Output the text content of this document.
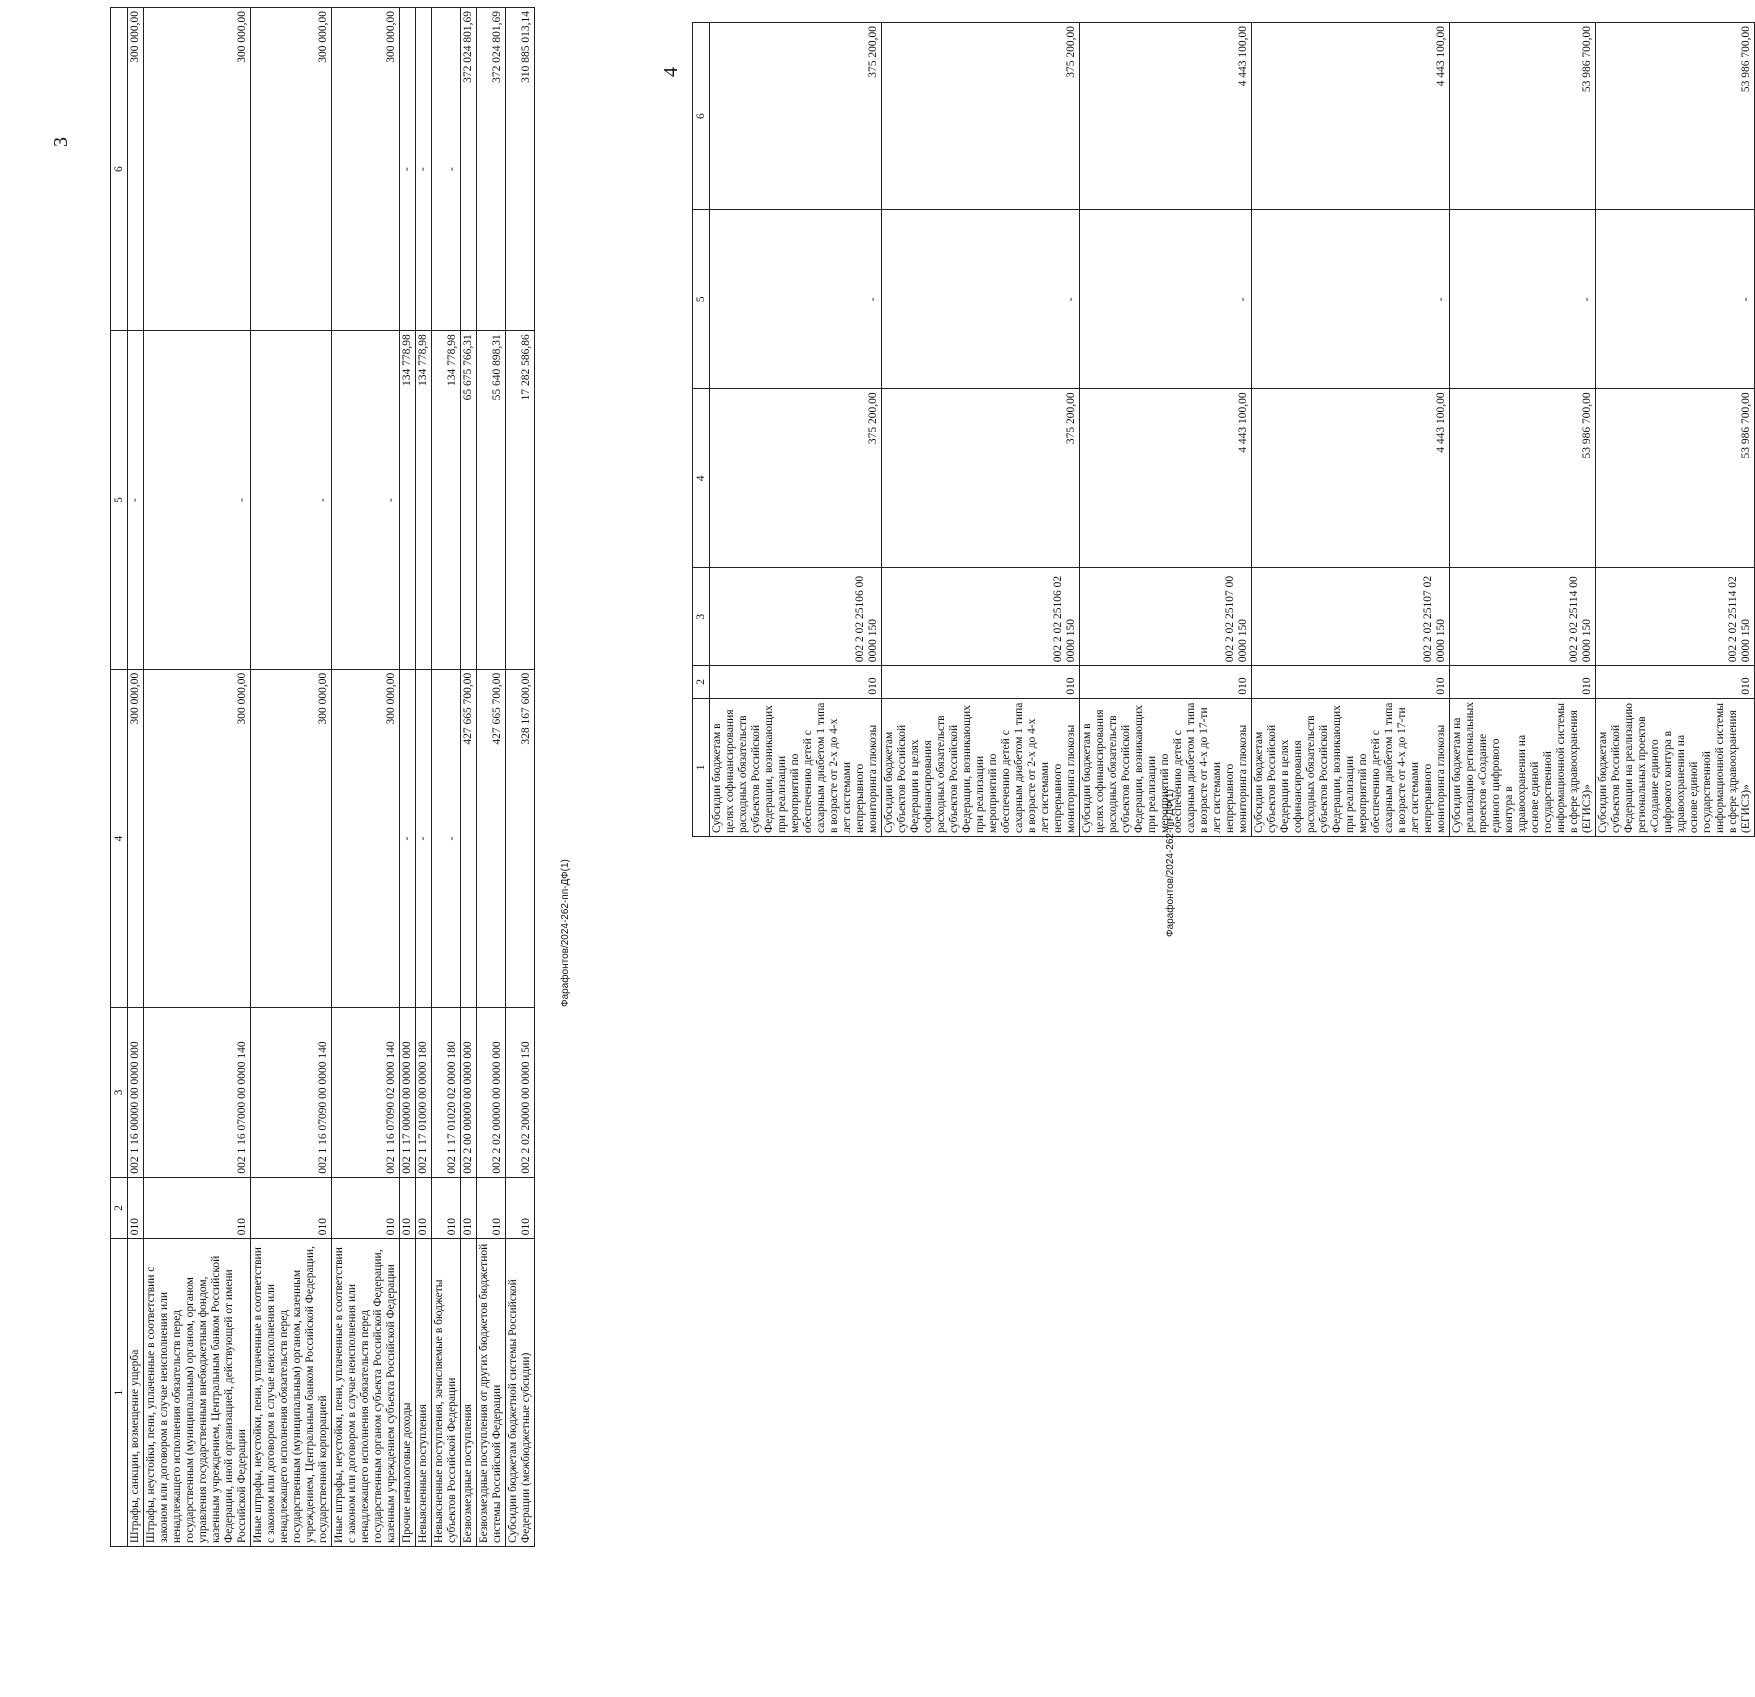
3
1	2	3	4	5	6
Штрафы, санкции, возмещение ущерба	010	002 1 16 00000 00 0000 000	300 000,00	-	300 000,00
Штрафы, неустойки, пени, уплаченные в соответствии с законом или договором в случае неисполнения или ненадлежащего исполнения обязательств перед государственным (муниципальным) органом, органом управления государственным внебюджетным фондом, казенным учреждением, Центральным банком Российской Федерации, иной организацией, действующей от имени Российской Федерации	010	002 1 16 07000 00 0000 140	300 000,00	-	300 000,00
Иные штрафы, неустойки, пени, уплаченные в соответствии с законом или договором в случае неисполнения или ненадлежащего исполнения обязательств перед государственным (муниципальным) органом, казенным учреждением, Центральным банком Российской Федерации, государственной корпорацией	010	002 1 16 07090 00 0000 140	300 000,00	-	300 000,00
Иные штрафы, неустойки, пени, уплаченные в соответствии с законом или договором в случае неисполнения или ненадлежащего исполнения обязательств перед государственным органом субъекта Российской Федерации, казенным учреждением субъекта Российской Федерации	010	002 1 16 07090 02 0000 140	300 000,00	-	300 000,00
Прочие неналоговые доходы	010	002 1 17 00000 00 0000 000	-	134 778,98	-
Невыясненные поступления	010	002 1 17 01000 00 0000 180	-	134 778,98	-
Невыясненные поступления, зачисляемые в бюджеты субъектов Российской Федерации	010	002 1 17 01020 02 0000 180	-	134 778,98	-
Безвозмездные поступления	010	002 2 00 00000 00 0000 000	427 665 700,00	65 675 766,31	372 024 801,69
Безвозмездные поступления от других бюджетов бюджетной системы Российской Федерации	010	002 2 02 00000 00 0000 000	427 665 700,00	55 640 898,31	372 024 801,69
Субсидии бюджетам бюджетной системы Российской Федерации (межбюджетные субсидии)	010	002 2 02 20000 00 0000 150	328 167 600,00	17 282 586,86	310 885 013,14
Фарафонтов/2024-262-пп-ДФ(1)
4
1	2	3	4	5	6
Субсидии бюджетам в целях софинансирования расходных обязательств субъектов Российской Федерации, возникающих при реализации мероприятий по обеспечению детей с сахарным диабетом 1 типа в возрасте от 2-х до 4-х лет системами непрерывного мониторинга глюкозы	010	002 2 02 25106 00 0000 150	375 200,00	-	375 200,00
Субсидии бюджетам субъектов Российской Федерации в целях софинансирования расходных обязательств субъектов Российской Федерации, возникающих при реализации мероприятий по обеспечению детей с сахарным диабетом 1 типа в возрасте от 2-х до 4-х лет системами непрерывного мониторинга глюкозы	010	002 2 02 25106 02 0000 150	375 200,00	-	375 200,00
Субсидии бюджетам в целях софинансирования расходных обязательств субъектов Российской Федерации, возникающих при реализации мероприятий по обеспечению детей с сахарным диабетом 1 типа в возрасте от 4-х до 17-ти лет системами непрерывного мониторинга глюкозы	010	002 2 02 25107 00 0000 150	4 443 100,00	-	4 443 100,00
Субсидии бюджетам субъектов Российской Федерации в целях софинансирования расходных обязательств субъектов Российской Федерации, возникающих при реализации мероприятий по обеспечению детей с сахарным диабетом 1 типа в возрасте от 4-х до 17-ти лет системами непрерывного мониторинга глюкозы	010	002 2 02 25107 02 0000 150	4 443 100,00	-	4 443 100,00
Субсидии бюджетам на реализацию региональных проектов «Создание единого цифрового контура в здравоохранении на основе единой государственной информационной системы в сфере здравоохранения (ЕГИСЗ)»	010	002 2 02 25114 00 0000 150	53 986 700,00	-	53 986 700,00
Субсидии бюджетам субъектов Российской Федерации на реализацию региональных проектов «Создание единого цифрового контура в здравоохранении на основе единой государственной информационной системы в сфере здравоохранения (ЕГИСЗ)»	010	002 2 02 25114 02 0000 150	53 986 700,00	-	53 986 700,00
Фарафонтов/2024-262-пп-ДФ(1)
